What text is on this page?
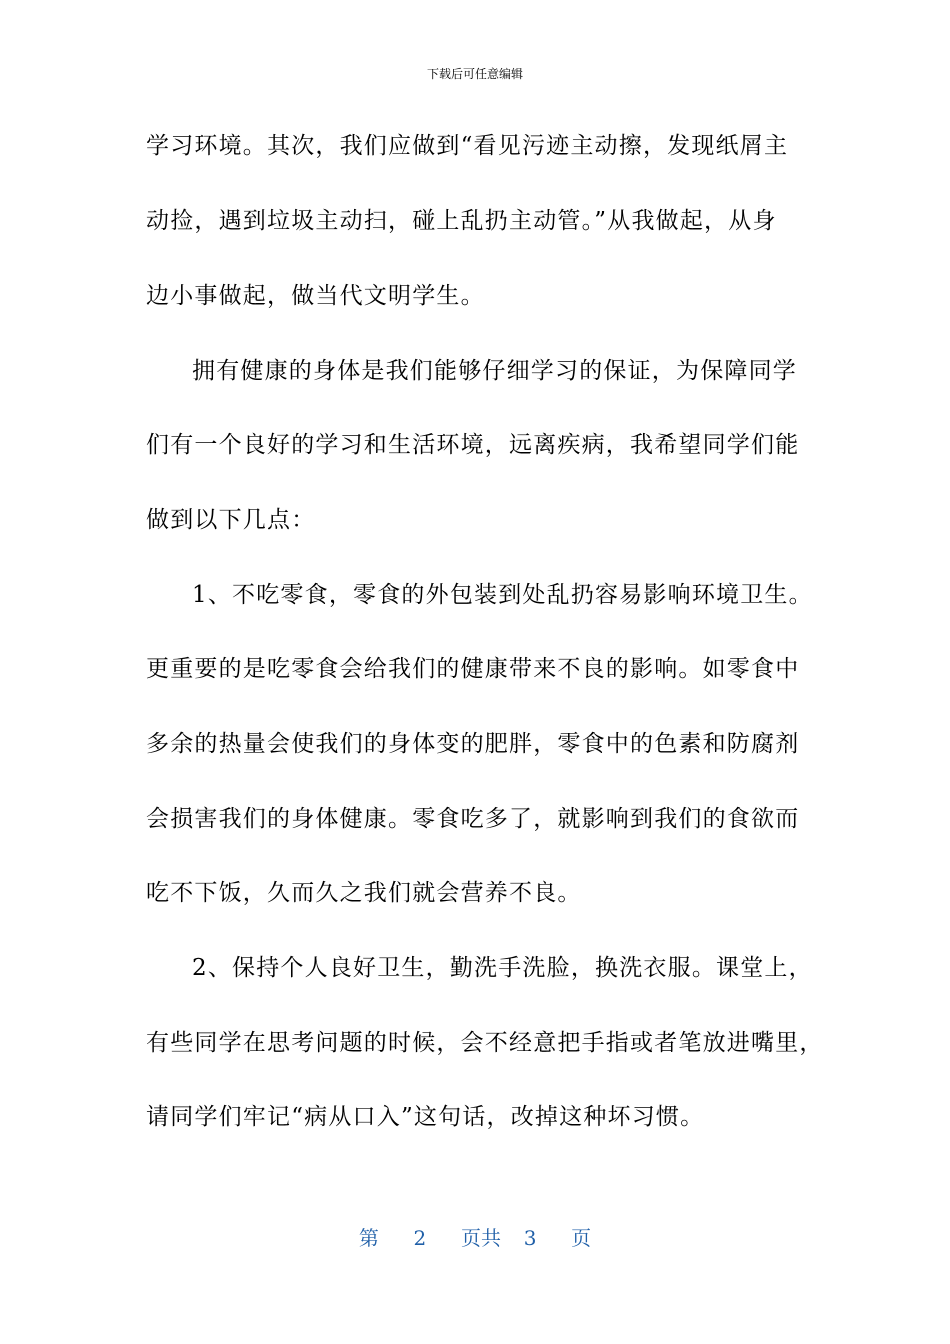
下载后可任意编辑
学习环境。其次，我们应做到“看见污迹主动擦，发现纸屑主
动捡，遇到垃圾主动扫，碰上乱扔主动管。”从我做起，从身
边小事做起，做当代文明学生。
拥有健康的身体是我们能够仔细学习的保证，为保障同学
们有一个良好的学习和生活环境，远离疾病，我希望同学们能
做到以下几点：
1、不吃零食，零食的外包装到处乱扔容易影响环境卫生。
更重要的是吃零食会给我们的健康带来不良的影响。如零食中
多余的热量会使我们的身体变的肥胖，零食中的色素和防腐剂
会损害我们的身体健康。零食吃多了，就影响到我们的食欲而
吃不下饭，久而久之我们就会营养不良。
2、保持个人良好卫生，勤洗手洗脸，换洗衣服。课堂上，
有些同学在思考问题的时候，会不经意把手指或者笔放进嘴里，
请同学们牢记“病从口入”这句话，改掉这种坏习惯。
第 2 页共 3 页
